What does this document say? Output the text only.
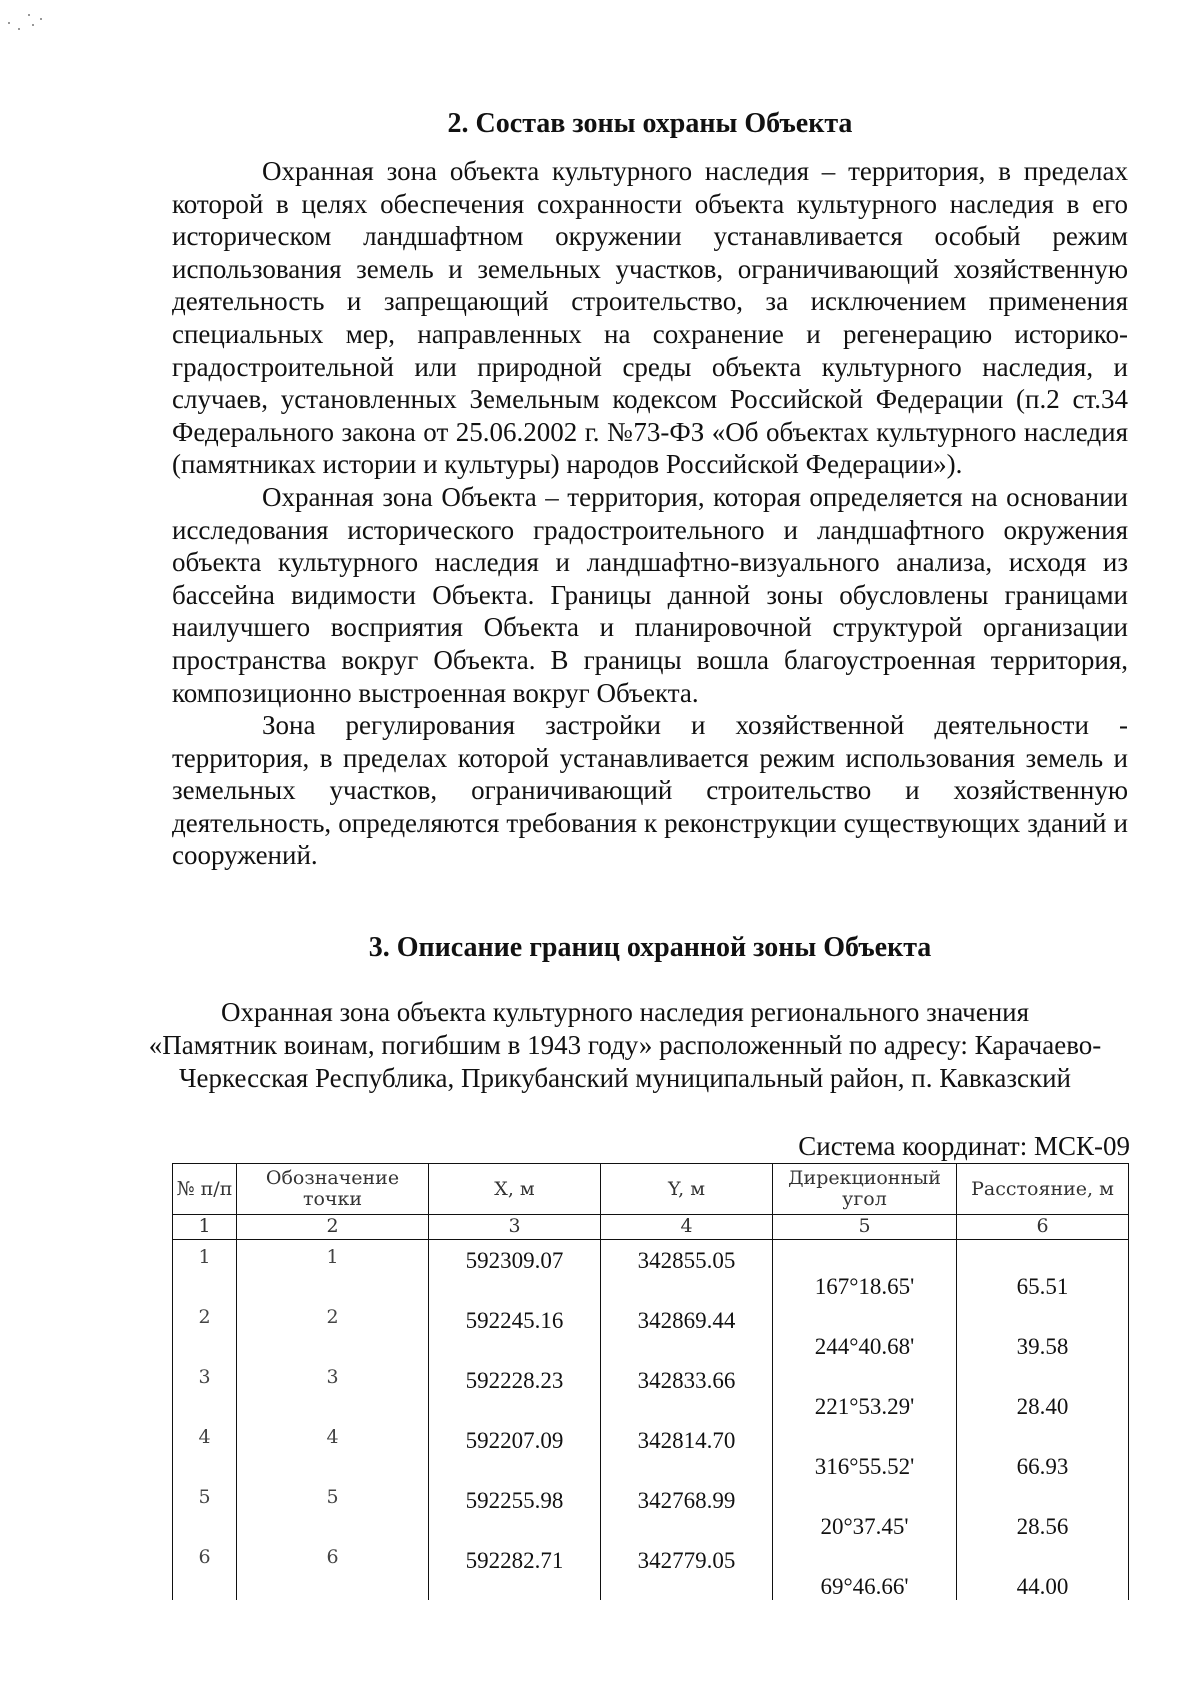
2. Состав зоны охраны Объекта

Охранная зона объекта культурного наследия – территория, в пределах которой в целях обеспечения сохранности объекта культурного наследия в его историческом ландшафтном окружении устанавливается особый режим использования земель и земельных участков, ограничивающий хозяйственную деятельность и запрещающий строительство, за исключением применения специальных мер, направленных на сохранение и регенерацию историко-градостроительной или природной среды объекта культурного наследия, и случаев, установленных Земельным кодексом Российской Федерации (п.2 ст.34 Федерального закона от 25.06.2002 г. №73-ФЗ «Об объектах культурного наследия (памятниках истории и культуры) народов Российской Федерации»).

Охранная зона Объекта – территория, которая определяется на основании исследования исторического градостроительного и ландшафтного окружения объекта культурного наследия и ландшафтно-визуального анализа, исходя из бассейна видимости Объекта. Границы данной зоны обусловлены границами наилучшего восприятия Объекта и планировочной структурой организации пространства вокруг Объекта. В границы вошла благоустроенная территория, композиционно выстроенная вокруг Объекта.

Зона регулирования застройки и хозяйственной деятельности - территория, в пределах которой устанавливается режим использования земель и земельных участков, ограничивающий строительство и хозяйственную деятельность, определяются требования к реконструкции существующих зданий и сооружений.

3. Описание границ охранной зоны Объекта
Охранная зона объекта культурного наследия регионального значения
«Памятник воинам, погибшим в 1943 году» расположенный по адресу: Карачаево-
Черкесская Республика, Прикубанский муниципальный район, п. Кавказский
Система координат: МСК-09
№ п/п	Обозначение точки	X, м	Y, м	Дирекционный угол	Расстояние, м
1	2	3	4	5	6

1	1	592309.07	342855.05	167°18.65'	65.51

2	2	592245.16	342869.44	244°40.68'	39.58

3	3	592228.23	342833.66	221°53.29'	28.40

4	4	592207.09	342814.70	316°55.52'	66.93

5	5	592255.98	342768.99	20°37.45'	28.56

6	6	592282.71	342779.05	69°46.66'	44.00
